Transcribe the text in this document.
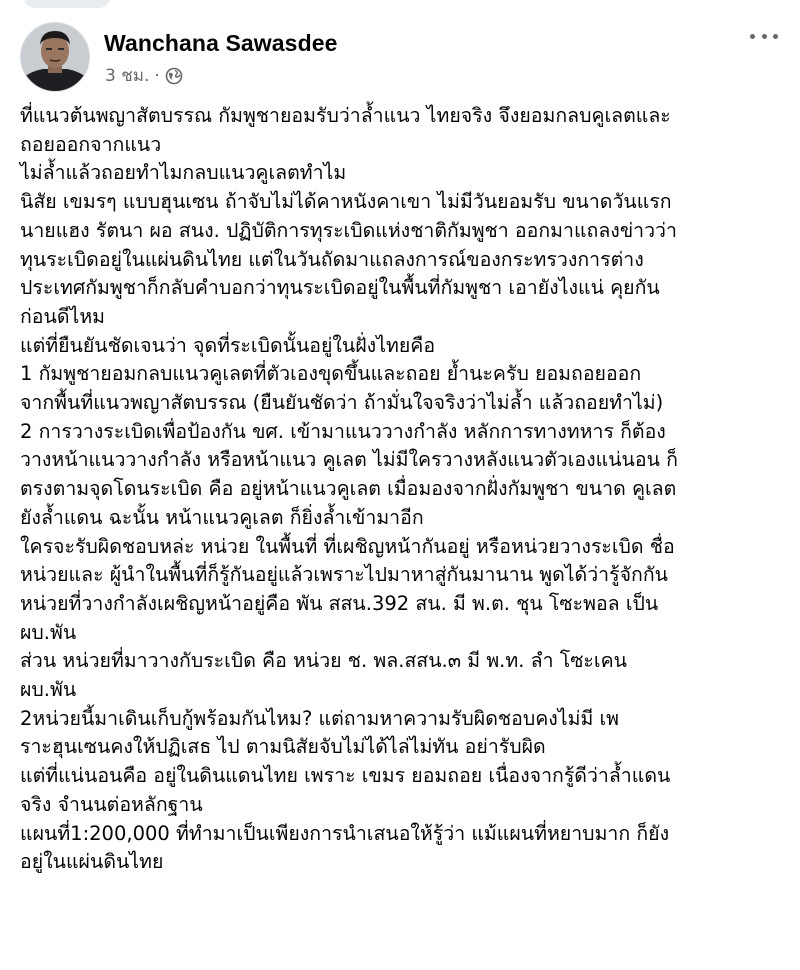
Wanchana Sawasdee
3 ชม. ·

ที่แนวต้นพญาสัตบรรณ กัมพูชายอมรับว่าล้ำแนว ไทยจริง จึงยอมกลบคูเลตและ

ถอยออกจากแนว

ไม่ล้ำแล้วถอยทำไมกลบแนวคูเลตทำไม

นิสัย เขมรๆ แบบฮุนเซน ถ้าจับไม่ได้คาหนังคาเขา ไม่มีวันยอมรับ ขนาดวันแรก

นายแฮง รัตนา ผอ สนง. ปฏิบัติการทุระเบิดแห่งชาติกัมพูชา ออกมาแถลงข่าวว่า

ทุนระเบิดอยู่ในแผ่นดินไทย แต่ในวันถัดมาแถลงการณ์ของกระทรวงการต่าง

ประเทศกัมพูชาก็กลับคำบอกว่าทุนระเบิดอยู่ในพื้นที่กัมพูชา เอายังไงแน่ คุยกัน

ก่อนดีไหม

แต่ที่ยืนยันชัดเจนว่า จุดที่ระเบิดนั้นอยู่ในฝั่งไทยคือ

1 กัมพูชายอมกลบแนวคูเลตที่ตัวเองขุดขึ้นและถอย ย้ำนะครับ ยอมถอยออก

จากพื้นที่แนวพญาสัตบรรณ (ยืนยันชัดว่า ถ้ามั่นใจจริงว่าไม่ล้ำ แล้วถอยทำไม่)

2 การวางระเบิดเพื่อป้องกัน ขศ. เข้ามาแนววางกำลัง หลักการทางทหาร ก็ต้อง

วางหน้าแนววางกำลัง หรือหน้าแนว คูเลต ไม่มีใครวางหลังแนวตัวเองแน่นอน ก็

ตรงตามจุดโดนระเบิด คือ อยู่หน้าแนวคูเลต เมื่อมองจากฝั่งกัมพูชา ขนาด คูเลต

ยังล้ำแดน ฉะนั้น หน้าแนวคูเลต ก็ยิ่งล้ำเข้ามาอีก

ใครจะรับผิดชอบหล่ะ หน่วย ในพื้นที่ ที่เผชิญหน้ากันอยู่ หรือหน่วยวางระเบิด ชื่อ

หน่วยและ ผู้นำในพื้นที่ก็รู้กันอยู่แล้วเพราะไปมาหาสู่กันมานาน พูดได้ว่ารู้จักกัน

หน่วยที่วางกำลังเผชิญหน้าอยู่คือ พัน สสน.392 สน. มี พ.ต. ชุน โซะพอล เป็น

ผบ.พัน

ส่วน หน่วยที่มาวางกับระเบิด คือ หน่วย ช. พล.สสน.๓ มี พ.ท. ลำ โซะเคน

ผบ.พัน

2หน่วยนี้มาเดินเก็บกู้พร้อมกันไหม? แต่ถามหาความรับผิดชอบคงไม่มี เพ

ราะฮุนเซนคงให้ปฏิเสธ ไป ตามนิสัยจับไม่ได้ไล่ไม่ทัน อย่ารับผิด

แต่ที่แน่นอนคือ อยู่ในดินแดนไทย เพราะ เขมร ยอมถอย เนื่องจากรู้ดีว่าล้ำแดน

จริง จำนนต่อหลักฐาน

แผนที่1:200,000 ที่ทำมาเป็นเพียงการนำเสนอให้รู้ว่า แม้แผนที่หยาบมาก ก็ยัง

อยู่ในแผ่นดินไทย
